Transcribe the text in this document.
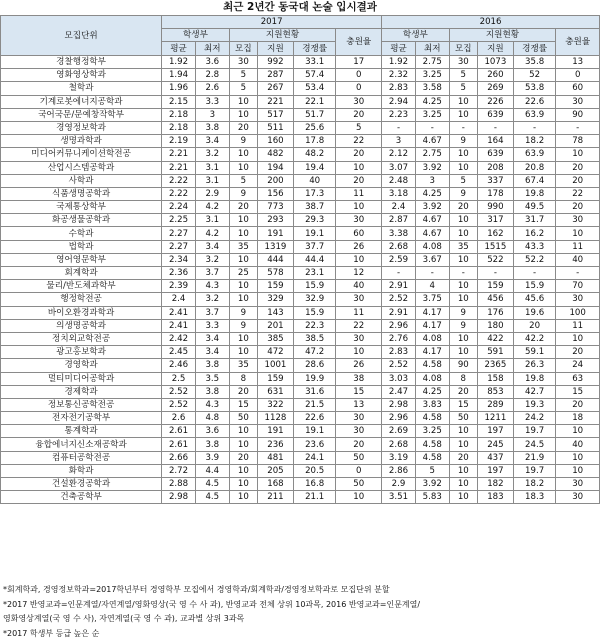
최근 2년간 동국대 논술 입시결과
모집단위	2017						2016					
	학생부		지원현황			충원율	학생부		지원현황			충원율
	평균	최저	모집	지원	경쟁률		평균	최저	모집	지원	경쟁률	
경찰행정학부	1.92	3.6	30	992	33.1	17	1.92	2.75	30	1073	35.8	13
영화영상학과	1.94	2.8	5	287	57.4	0	2.32	3.25	5	260	52	0
철학과	1.96	2.6	5	267	53.4	0	2.83	3.58	5	269	53.8	60
기계로봇에너지공학과	2.15	3.3	10	221	22.1	30	2.94	4.25	10	226	22.6	30
국어국문/문예창작학부	2.18	3	10	517	51.7	20	2.23	3.25	10	639	63.9	90
경영정보학과	2.18	3.8	20	511	25.6	5	-	-	-	-	-	-
생명과학과	2.19	3.4	9	160	17.8	22	3	4.67	9	164	18.2	78
미디어커뮤니케이션학전공	2.21	3.2	10	482	48.2	20	2.12	2.75	10	639	63.9	10
산업시스템공학과	2.21	3.1	10	194	19.4	10	3.07	3.92	10	208	20.8	20
사학과	2.22	3.1	5	200	40	20	2.48	3	5	337	67.4	20
식품생명공학과	2.22	2.9	9	156	17.3	11	3.18	4.25	9	178	19.8	22
국제통상학부	2.24	4.2	20	773	38.7	10	2.4	3.92	20	990	49.5	20
화공생물공학과	2.25	3.1	10	293	29.3	30	2.87	4.67	10	317	31.7	30
수학과	2.27	4.2	10	191	19.1	60	3.38	4.67	10	162	16.2	10
법학과	2.27	3.4	35	1319	37.7	26	2.68	4.08	35	1515	43.3	11
영어영문학부	2.34	3.2	10	444	44.4	10	2.59	3.67	10	522	52.2	40
회계학과	2.36	3.7	25	578	23.1	12	-	-	-	-	-	-
물리/반도체과학부	2.39	4.3	10	159	15.9	40	2.91	4	10	159	15.9	70
행정학전공	2.4	3.2	10	329	32.9	30	2.52	3.75	10	456	45.6	30
바이오환경과학과	2.41	3.7	9	143	15.9	11	2.91	4.17	9	176	19.6	100
의생명공학과	2.41	3.3	9	201	22.3	22	2.96	4.17	9	180	20	11
정치외교학전공	2.42	3.4	10	385	38.5	30	2.76	4.08	10	422	42.2	10
광고홍보학과	2.45	3.4	10	472	47.2	10	2.83	4.17	10	591	59.1	20
경영학과	2.46	3.8	35	1001	28.6	26	2.52	4.58	90	2365	26.3	24
멀티미디어공학과	2.5	3.5	8	159	19.9	38	3.03	4.08	8	158	19.8	63
경제학과	2.52	3.8	20	631	31.6	15	2.47	4.25	20	853	42.7	15
정보통신공학전공	2.52	4.3	15	322	21.5	13	2.98	3.83	15	289	19.3	20
전자전기공학부	2.6	4.8	50	1128	22.6	30	2.96	4.58	50	1211	24.2	18
통계학과	2.61	3.6	10	191	19.1	30	2.69	3.25	10	197	19.7	10
융합에너지신소재공학과	2.61	3.8	10	236	23.6	20	2.68	4.58	10	245	24.5	40
컴퓨터공학전공	2.66	3.9	20	481	24.1	50	3.19	4.58	20	437	21.9	10
화학과	2.72	4.4	10	205	20.5	0	2.86	5	10	197	19.7	10
건설환경공학과	2.88	4.5	10	168	16.8	50	2.9	3.92	10	182	18.2	30
건축공학부	2.98	4.5	10	211	21.1	10	3.51	5.83	10	183	18.3	30
*회계학과, 경영정보학과=2017학년부터 경영학부 모집에서 경영학과/회계학과/경영정보학과로 모집단위 분할
*2017 반영교과=인문계열/자연계열/영화영상(국 영 수 사 과), 반영교과 전체 상위 10과목, 2016 반영교과=인문계열/
영화영상계열(국 영 수 사), 자연계열(국 영 수 과), 교과별 상위 3과목
*2017 학생부 등급 높은 순
